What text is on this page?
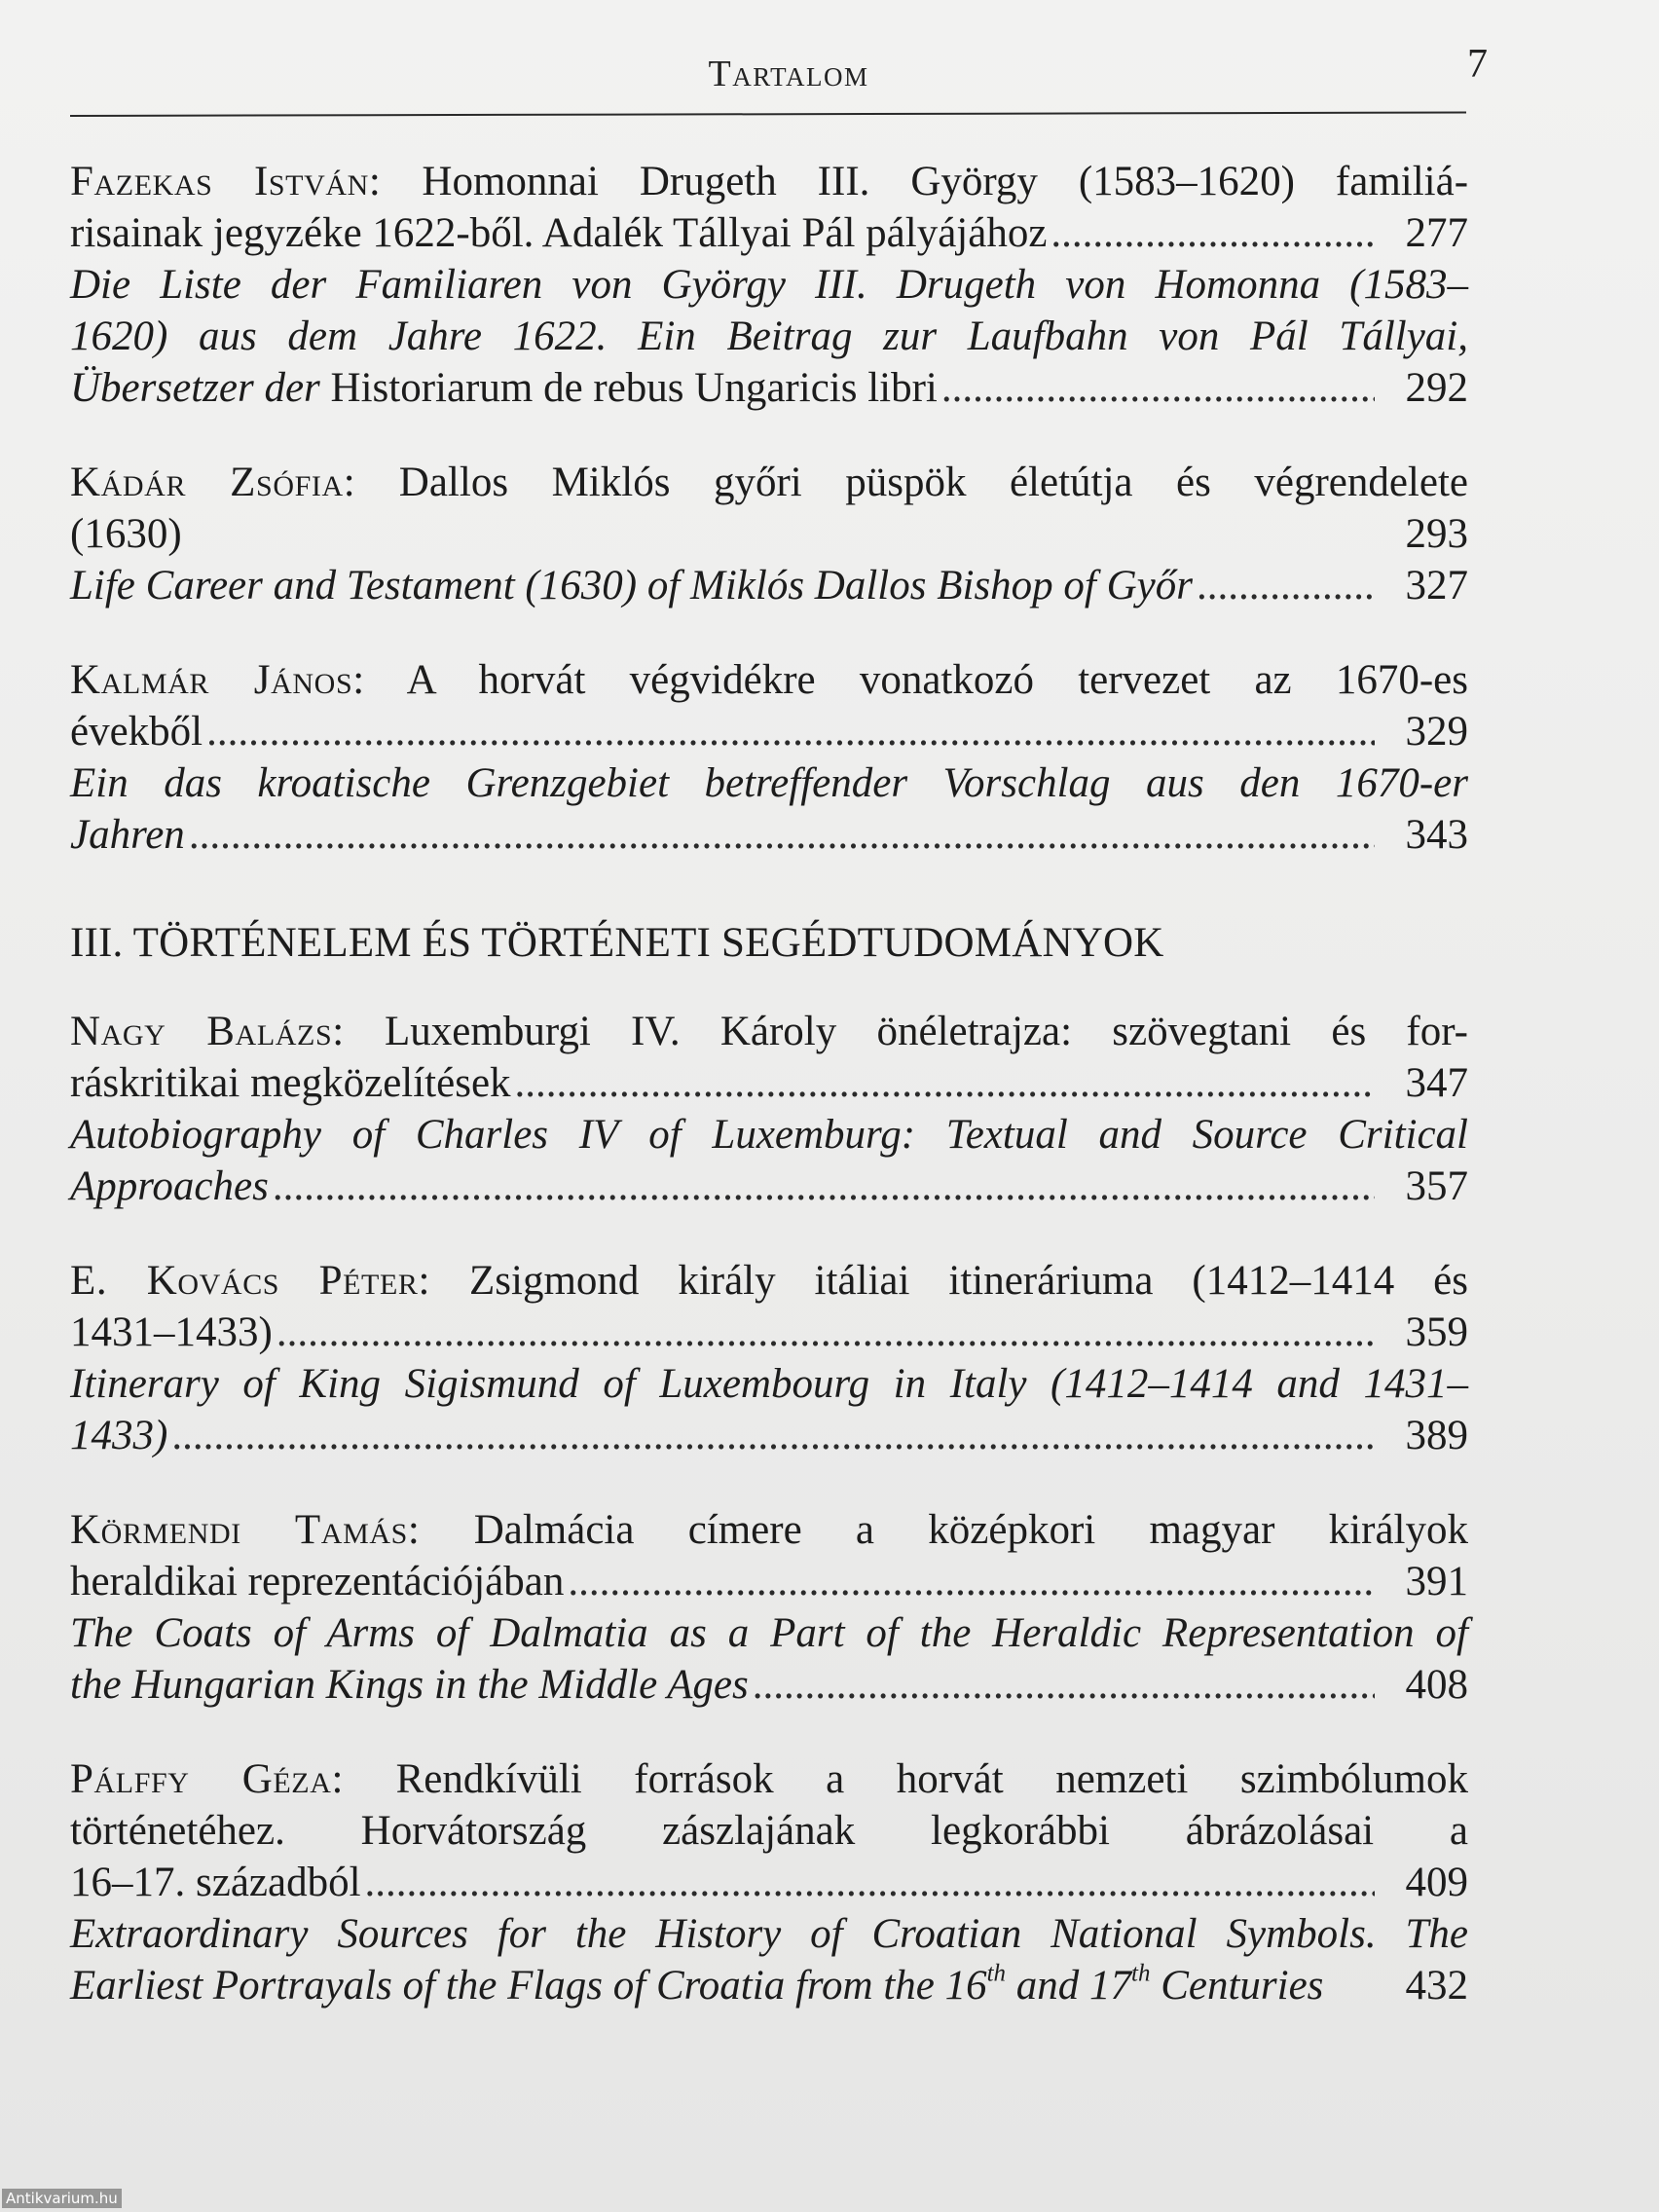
Tartalom	7
Fazekas István: Homonnai Drugeth III. György (1583–1620) familiá-
risainak jegyzéke 1622-ből. Adalék Tállyai Pál pályájához .....	277
Die Liste der Familiaren von György III. Drugeth von Homonna (1583–
1620) aus dem Jahre 1622. Ein Beitrag zur Laufbahn von Pál Tállyai,
Übersetzer der Historiarum de rebus Ungaricis libri .....	292
Kádár Zsófia: Dallos Miklós győri püspök életútja és végrendelete
(1630)	293
Life Career and Testament (1630) of Miklós Dallos Bishop of Győr .....	327
Kalmár János: A horvát végvidékre vonatkozó tervezet az 1670-es
évekből .....	329
Ein das kroatische Grenzgebiet betreffender Vorschlag aus den 1670-er
Jahren .....	343
III. TÖRTÉNELEM ÉS TÖRTÉNETI SEGÉDTUDOMÁNYOK
Nagy Balázs: Luxemburgi IV. Károly önéletrajza: szövegtani és for-
ráskritikai megközelítések .....	347
Autobiography of Charles IV of Luxemburg: Textual and Source Critical
Approaches .....	357
E. Kovács Péter: Zsigmond király itáliai itineráriuma (1412–1414 és
1431–1433) .....	359
Itinerary of King Sigismund of Luxembourg in Italy (1412–1414 and 1431–
1433) .....	389
Körmendi Tamás: Dalmácia címere a középkori magyar királyok
heraldikai reprezentációjában .....	391
The Coats of Arms of Dalmatia as a Part of the Heraldic Representation of
the Hungarian Kings in the Middle Ages .....	408
Pálffy Géza: Rendkívüli források a horvát nemzeti szimbólumok
történetéhez. Horvátország zászlajának legkorábbi ábrázolásai a
16–17. századból .....	409
Extraordinary Sources for the History of Croatian National Symbols. The
Earliest Portrayals of the Flags of Croatia from the 16th and 17th Centuries	432
Antikvarium.hu
